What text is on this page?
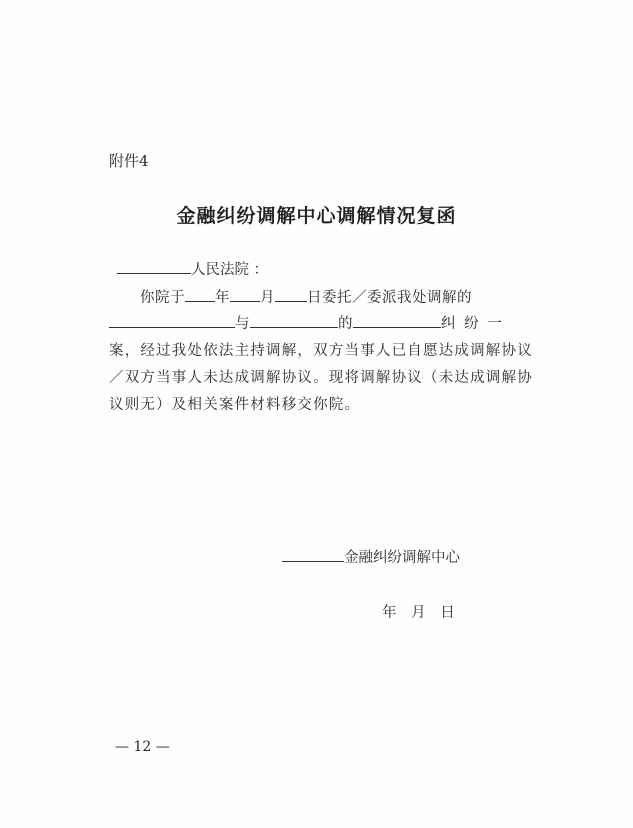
附件4
金融纠纷调解中心调解情况复函
人民法院 ：
你院于 年 月 日委托／委派我处调解的
与	的	纠 纷 一
案，经过我处依法主持调解，双方当事人已自愿达成调解协议
／双方当事人未达成调解协议。现将调解协议（未达成调解协
议则无）及相关案件材料移交你院。
金融纠纷调解中心
年 月 日
— 12 —
